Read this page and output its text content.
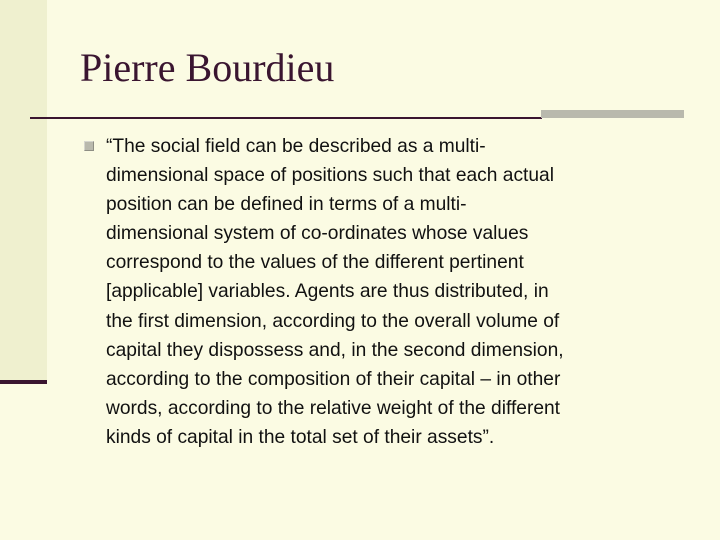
Pierre Bourdieu

“The social field can be described as a multi-
dimensional space of positions such that each actual
position can be defined in terms of a multi-
dimensional system of co-ordinates whose values
correspond to the values of the different pertinent
[applicable] variables. Agents are thus distributed, in
the first dimension, according to the overall volume of
capital they dispossess and, in the second dimension,
according to the composition of their capital – in other
words, according to the relative weight of the different
kinds of capital in the total set of their assets”.
